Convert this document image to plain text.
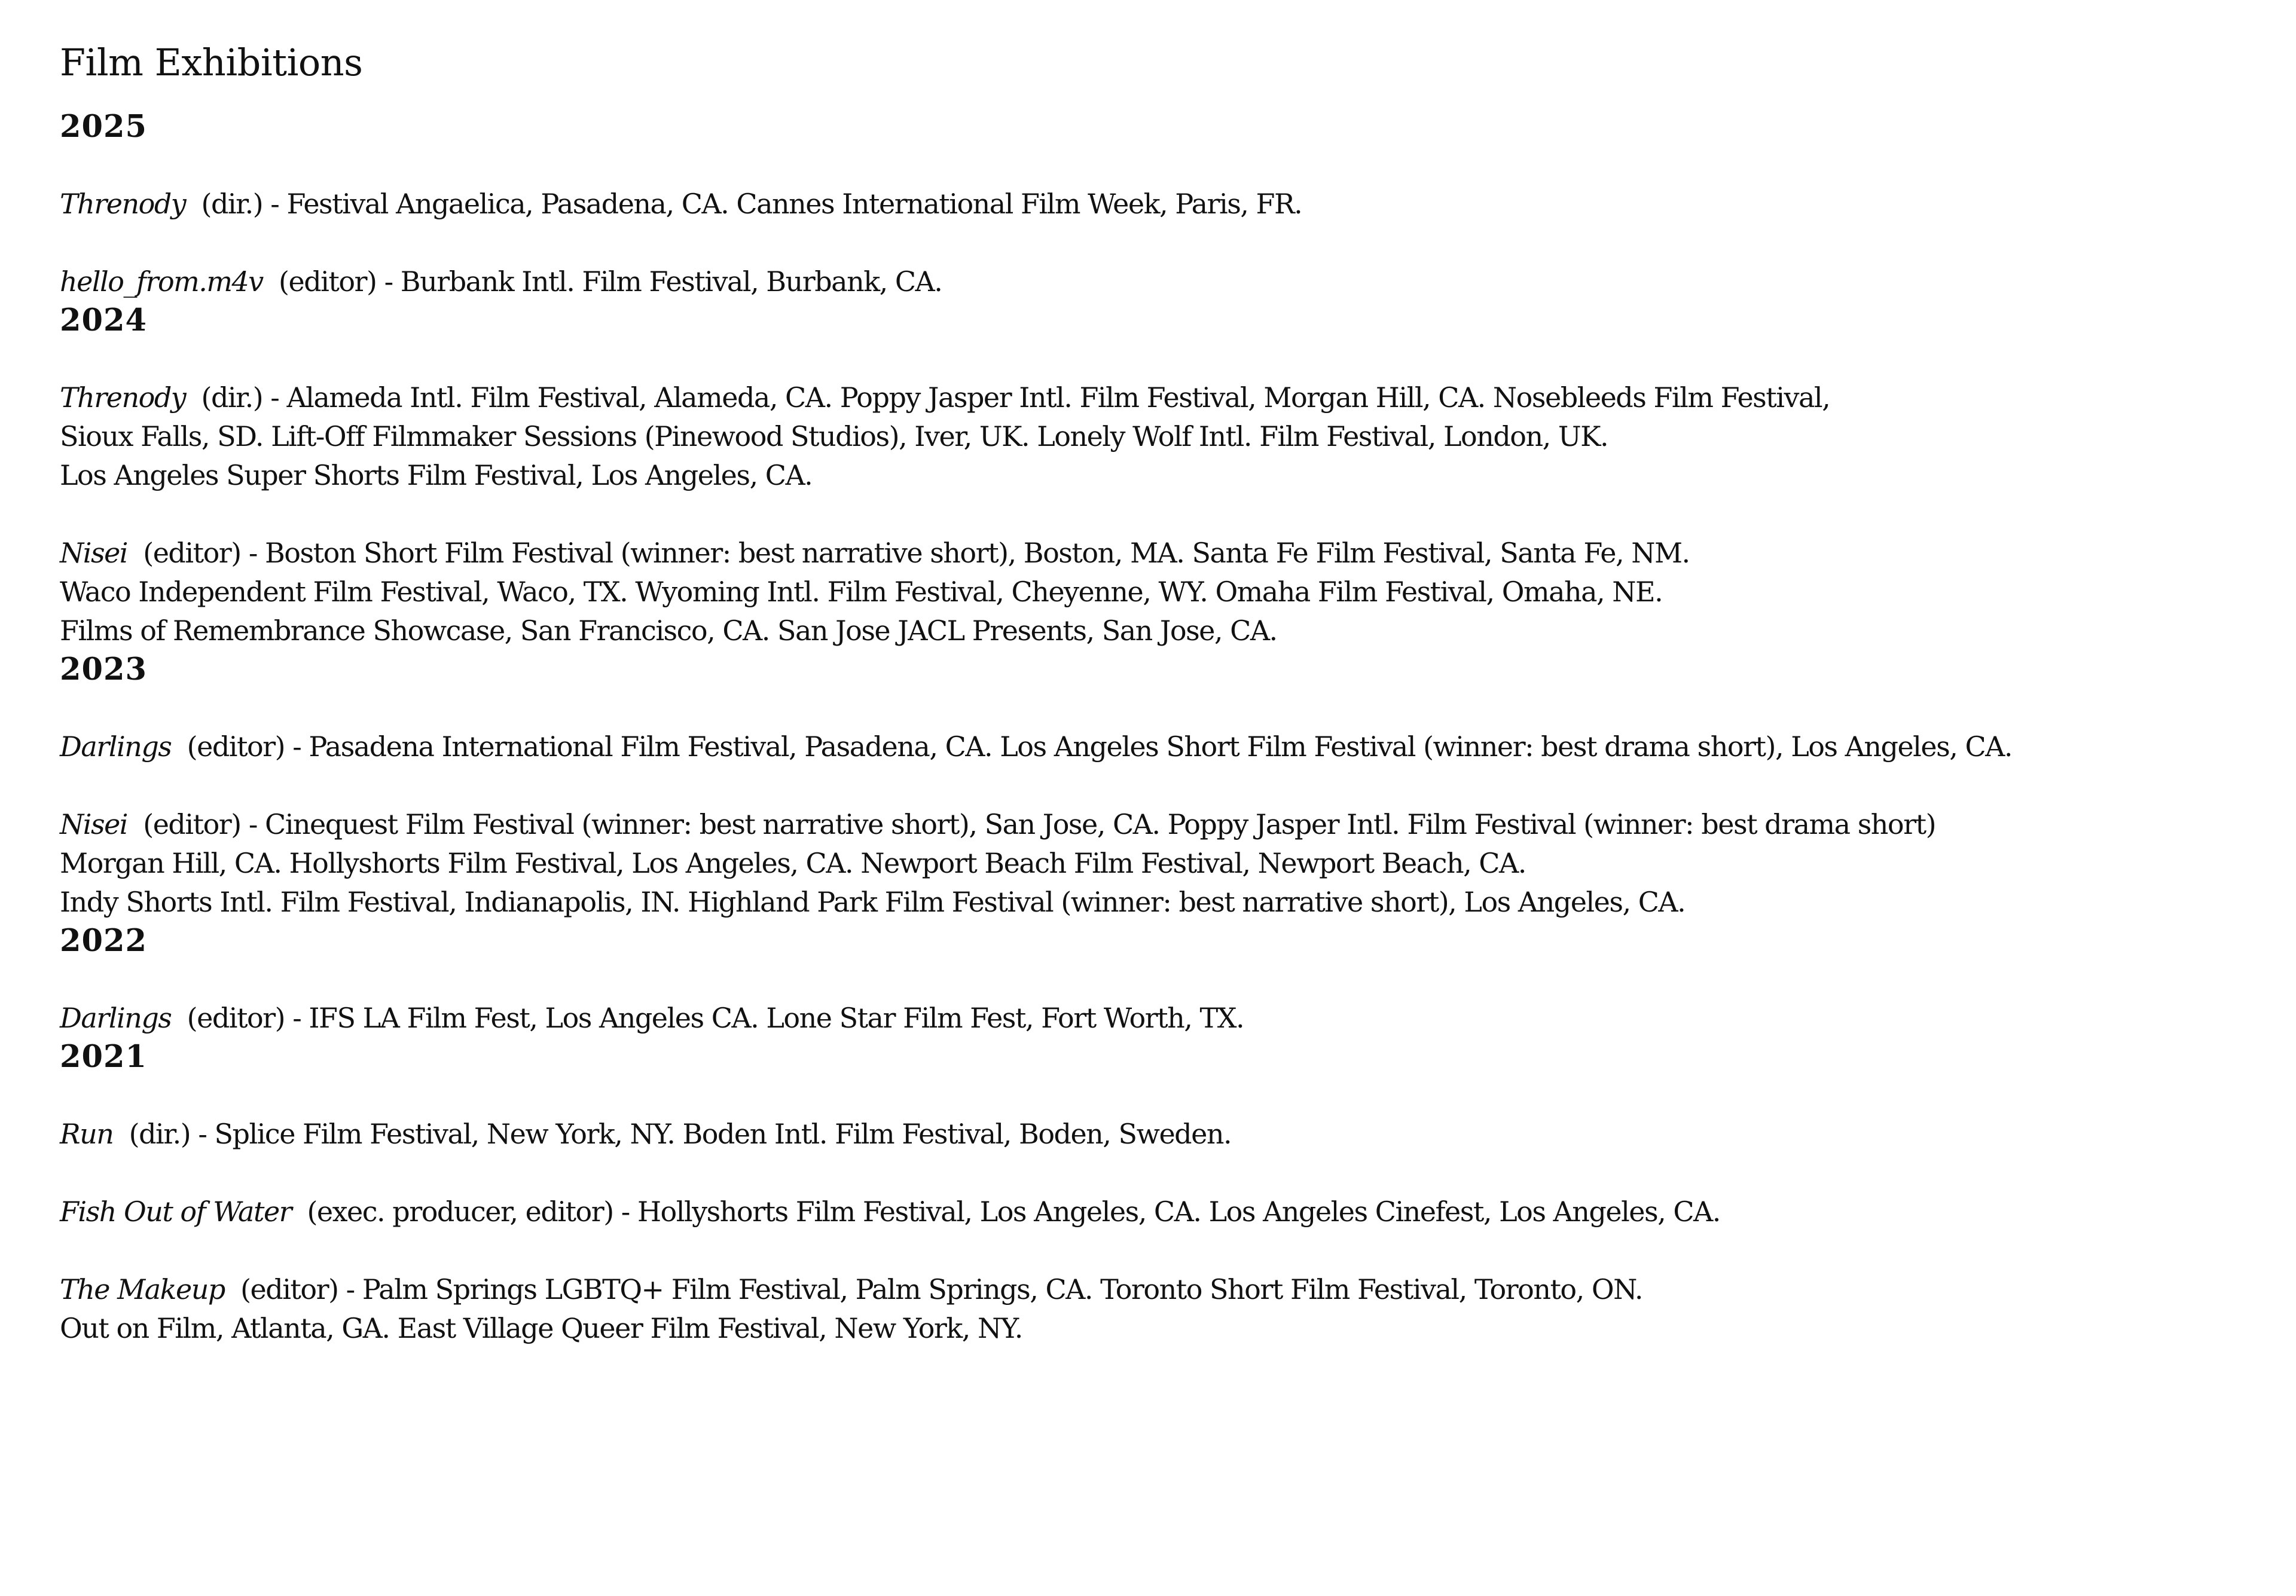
Film Exhibitions
2025
Threnody (dir.) - Festival Angaelica, Pasadena, CA. Cannes International Film Week, Paris, FR.
hello_from.m4v (editor) - Burbank Intl. Film Festival, Burbank, CA.
2024
Threnody (dir.) - Alameda Intl. Film Festival, Alameda, CA. Poppy Jasper Intl. Film Festival, Morgan Hill, CA. Nosebleeds Film Festival,
Sioux Falls, SD. Lift-Off Filmmaker Sessions (Pinewood Studios), Iver, UK. Lonely Wolf Intl. Film Festival, London, UK.
Los Angeles Super Shorts Film Festival, Los Angeles, CA.
Nisei (editor) - Boston Short Film Festival (winner: best narrative short), Boston, MA. Santa Fe Film Festival, Santa Fe, NM.
Waco Independent Film Festival, Waco, TX. Wyoming Intl. Film Festival, Cheyenne, WY. Omaha Film Festival, Omaha, NE.
Films of Remembrance Showcase, San Francisco, CA. San Jose JACL Presents, San Jose, CA.
2023
Darlings (editor) - Pasadena International Film Festival, Pasadena, CA. Los Angeles Short Film Festival (winner: best drama short), Los Angeles, CA.
Nisei (editor) - Cinequest Film Festival (winner: best narrative short), San Jose, CA. Poppy Jasper Intl. Film Festival (winner: best drama short)
Morgan Hill, CA. Hollyshorts Film Festival, Los Angeles, CA. Newport Beach Film Festival, Newport Beach, CA.
Indy Shorts Intl. Film Festival, Indianapolis, IN. Highland Park Film Festival (winner: best narrative short), Los Angeles, CA.
2022
Darlings (editor) - IFS LA Film Fest, Los Angeles CA. Lone Star Film Fest, Fort Worth, TX.
2021
Run (dir.) - Splice Film Festival, New York, NY. Boden Intl. Film Festival, Boden, Sweden.
Fish Out of Water (exec. producer, editor) - Hollyshorts Film Festival, Los Angeles, CA. Los Angeles Cinefest, Los Angeles, CA.
The Makeup (editor) - Palm Springs LGBTQ+ Film Festival, Palm Springs, CA. Toronto Short Film Festival, Toronto, ON.
Out on Film, Atlanta, GA. East Village Queer Film Festival, New York, NY.
